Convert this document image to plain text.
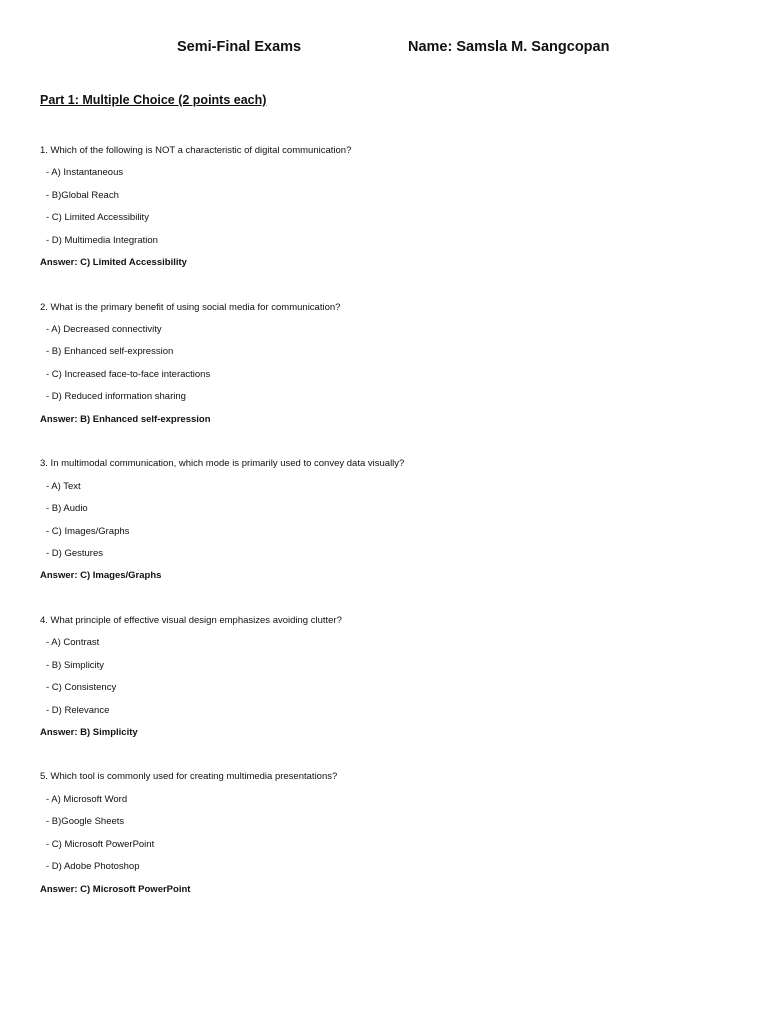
Semi-Final Exams	Name: Samsla M. Sangcopan
Part 1: Multiple Choice (2 points each)
1. Which of the following is NOT a characteristic of digital communication?
- A) Instantaneous
- B)Global Reach
- C) Limited Accessibility
- D) Multimedia Integration
Answer: C) Limited Accessibility
2. What is the primary benefit of using social media for communication?
- A) Decreased connectivity
- B) Enhanced self-expression
- C) Increased face-to-face interactions
- D) Reduced information sharing
Answer: B) Enhanced self-expression
3. In multimodal communication, which mode is primarily used to convey data visually?
- A) Text
- B) Audio
- C) Images/Graphs
- D) Gestures
Answer: C) Images/Graphs
4. What principle of effective visual design emphasizes avoiding clutter?
- A) Contrast
- B) Simplicity
- C) Consistency
- D) Relevance
Answer: B) Simplicity
5. Which tool is commonly used for creating multimedia presentations?
- A) Microsoft Word
- B)Google Sheets
- C) Microsoft PowerPoint
- D) Adobe Photoshop
Answer: C) Microsoft PowerPoint
